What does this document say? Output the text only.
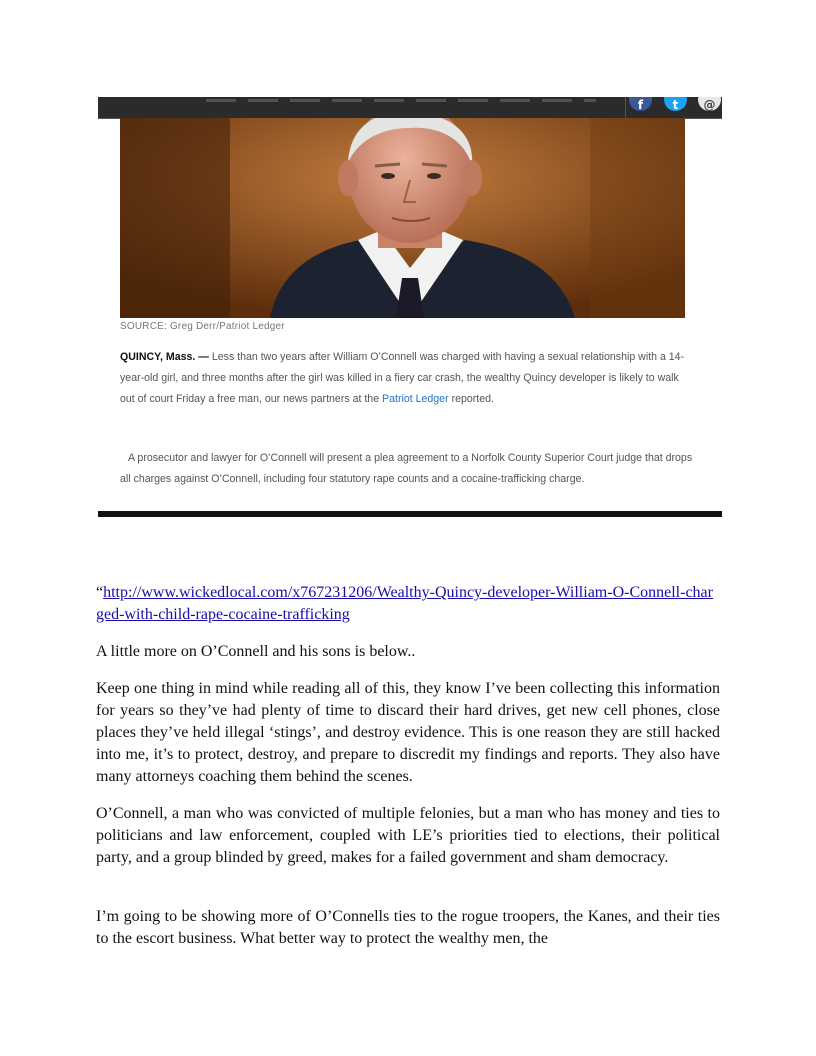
f	t	@
SOURCE: Greg Derr/Patriot Ledger
QUINCY, Mass. — Less than two years after William O’Connell was charged with having a sexual relationship with a 14-year-old girl, and three months after the girl was killed in a fiery car crash, the wealthy Quincy developer is likely to walk out of court Friday a free man, our news partners at the Patriot Ledger reported.
A prosecutor and lawyer for O’Connell will present a plea agreement to a Norfolk County Superior Court judge that drops all charges against O’Connell, including four statutory rape counts and a cocaine-trafficking charge.
“http://www.wickedlocal.com/x767231206/Wealthy-Quincy-developer-William-O-Connell-charged-with-child-rape-cocaine-trafficking
A little more on O’Connell and his sons is below..
Keep one thing in mind while reading all of this, they know I’ve been collecting this information for years so they’ve had plenty of time to discard their hard drives, get new cell phones, close places they’ve held illegal ‘stings’, and destroy evidence. This is one reason they are still hacked into me, it’s to protect, destroy, and prepare to discredit my findings and reports. They also have many attorneys coaching them behind the scenes.
O’Connell, a man who was convicted of multiple felonies, but a man who has money and ties to politicians and law enforcement, coupled with LE’s priorities tied to elections, their political party, and a group blinded by greed, makes for a failed government and sham democracy.
I’m going to be showing more of O’Connells ties to the rogue troopers, the Kanes, and their ties to the escort business. What better way to protect the wealthy men, the
